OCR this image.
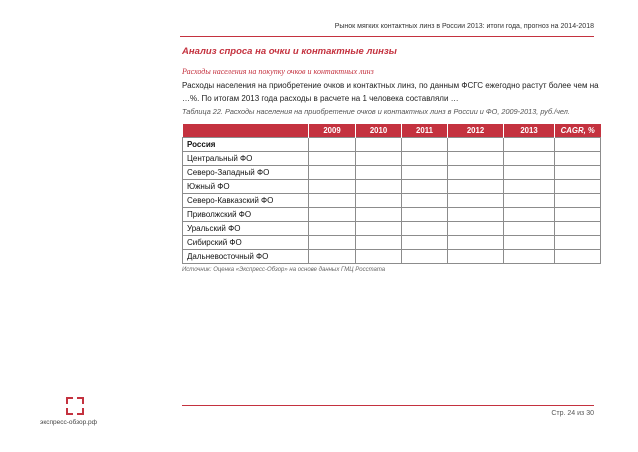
Рынок мягких контактных линз в России 2013: итоги года, прогноз на 2014-2018
Анализ спроса на очки и контактные линзы
Расходы населения на покупку очков и контактных линз
Расходы населения на приобретение очков и контактных линз, по данным ФСГС ежегодно растут более чем на …%. По итогам 2013 года расходы в расчете на 1 человека составляли …
Таблица 22. Расходы населения на приобретение очков и контактных линз в России и ФО, 2009-2013, руб./чел.
	2009	2010	2011	2012	2013	CAGR, %
Россия						
Центральный ФО						
Северо-Западный ФО						
Южный ФО						
Северо-Кавказский ФО						
Приволжский ФО						
Уральский ФО						
Сибирский ФО						
Дальневосточный ФО						
Источник: Оценка «Экспресс-Обзор» на основе данных ГМЦ Росстата
Стр. 24 из 30
экспресс-обзор.рф
